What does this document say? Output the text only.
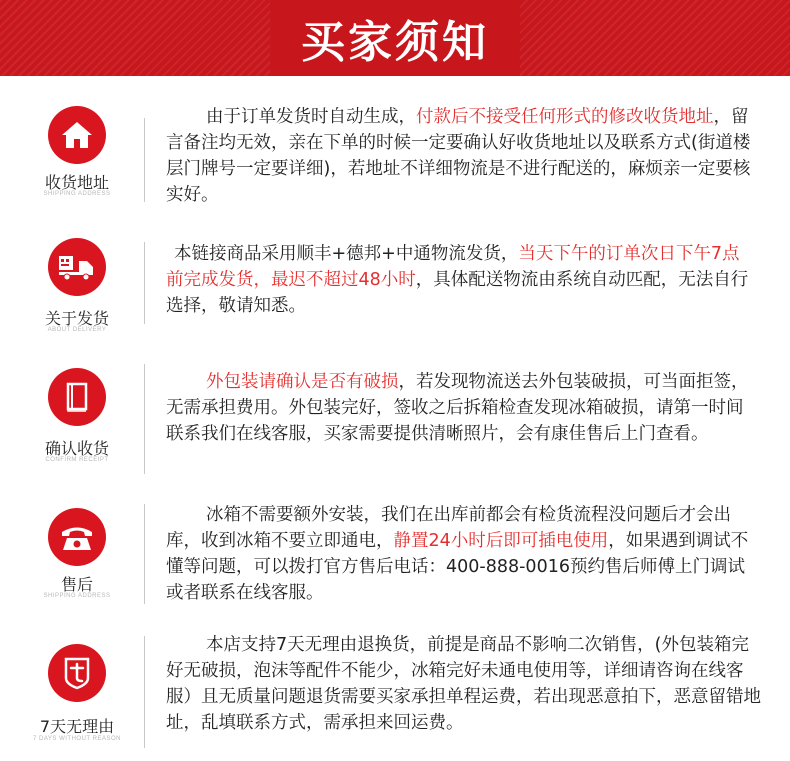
买家须知
收货地址
SHIPPING ADDRESS
由于订单发货时自动生成，付款后不接受任何形式的修改收货地址，留言备注均无效，亲在下单的时候一定要确认好收货地址以及联系方式(街道楼层门牌号一定要详细)，若地址不详细物流是不进行配送的，麻烦亲一定要核实好。
关于发货
ABOUT DELIVERY
本链接商品采用顺丰+德邦+中通物流发货，当天下午的订单次日下午7点前完成发货，最迟不超过48小时，具体配送物流由系统自动匹配，无法自行选择，敬请知悉。
确认收货
CONFIRM RECEIPT
外包装请确认是否有破损，若发现物流送去外包装破损，可当面拒签，无需承担费用。外包装完好，签收之后拆箱检查发现冰箱破损，请第一时间联系我们在线客服，买家需要提供清晰照片，会有康佳售后上门查看。
售后
SHIPPING ADDRESS
冰箱不需要额外安装，我们在出库前都会有检货流程没问题后才会出库，收到冰箱不要立即通电，静置24小时后即可插电使用，如果遇到调试不懂等问题，可以拨打官方售后电话：400-888-0016预约售后师傅上门调试或者联系在线客服。
7天无理由
7 DAYS WITHOUT REASON
本店支持7天无理由退换货，前提是商品不影响二次销售，(外包装箱完好无破损，泡沫等配件不能少，冰箱完好未通电使用等，详细请咨询在线客服）且无质量问题退货需要买家承担单程运费，若出现恶意拍下，恶意留错地址，乱填联系方式，需承担来回运费。
